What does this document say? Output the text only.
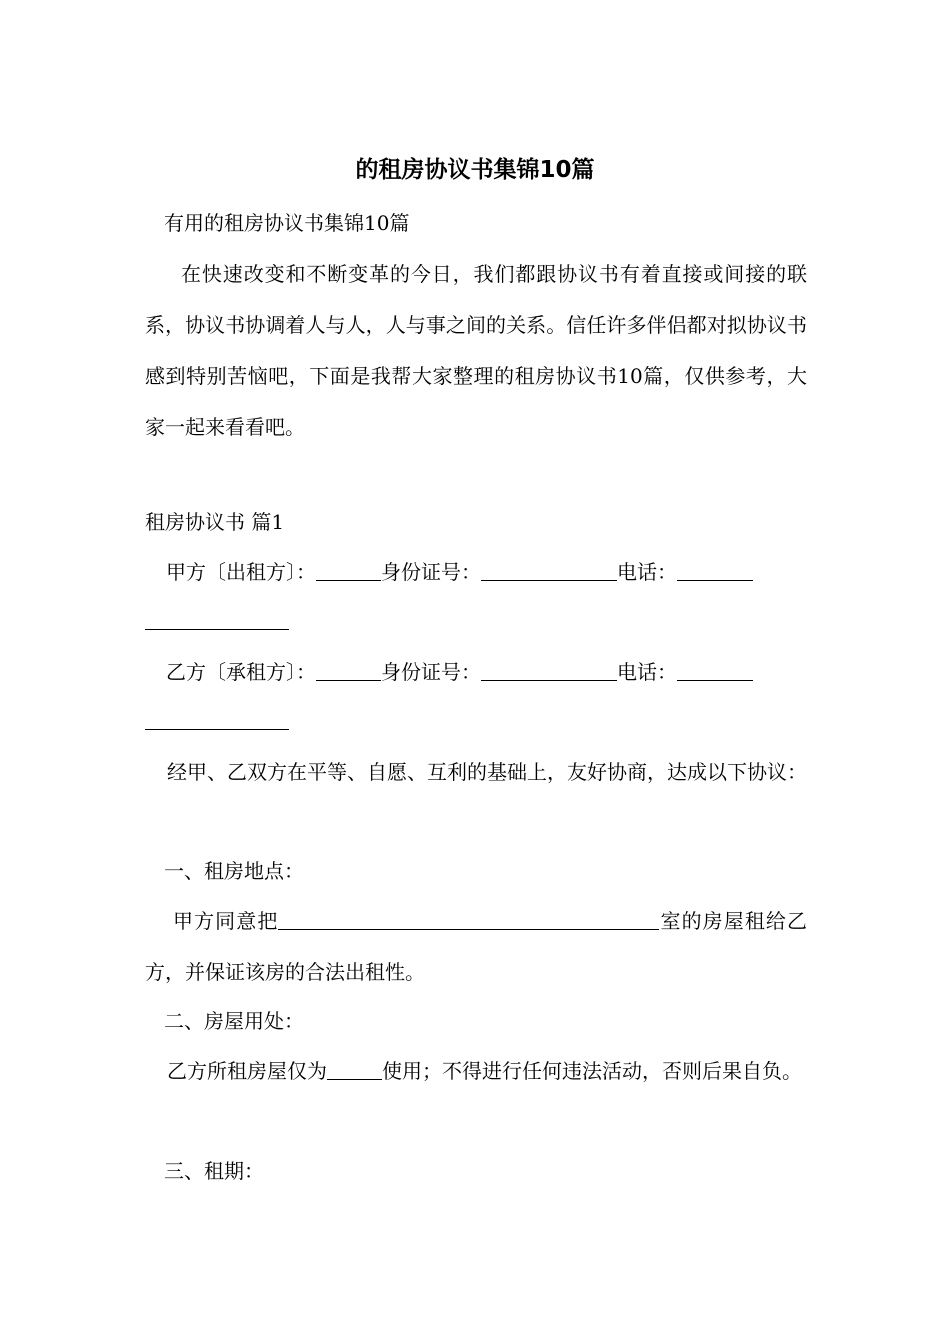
的租房协议书集锦10篇
有用的租房协议书集锦10篇
在快速改变和不断变革的今日，我们都跟协议书有着直接或间接的联系，协议书协调着人与人，人与事之间的关系。信任许多伴侣都对拟协议书感到特别苦恼吧，下面是我帮大家整理的租房协议书10篇，仅供参考，大家一起来看看吧。
租房协议书 篇1
甲方〔出租方〕：	身份证号：	电话：
乙方〔承租方〕：	身份证号：	电话：
经甲、乙双方在平等、自愿、互利的基础上，友好协商，达成以下协议：
一、租房地点：
甲方同意把	室的房屋租给乙方，并保证该房的合法出租性。
二、房屋用处：
乙方所租房屋仅为	使用；不得进行任何违法活动，否则后果自负。
三、租期：
